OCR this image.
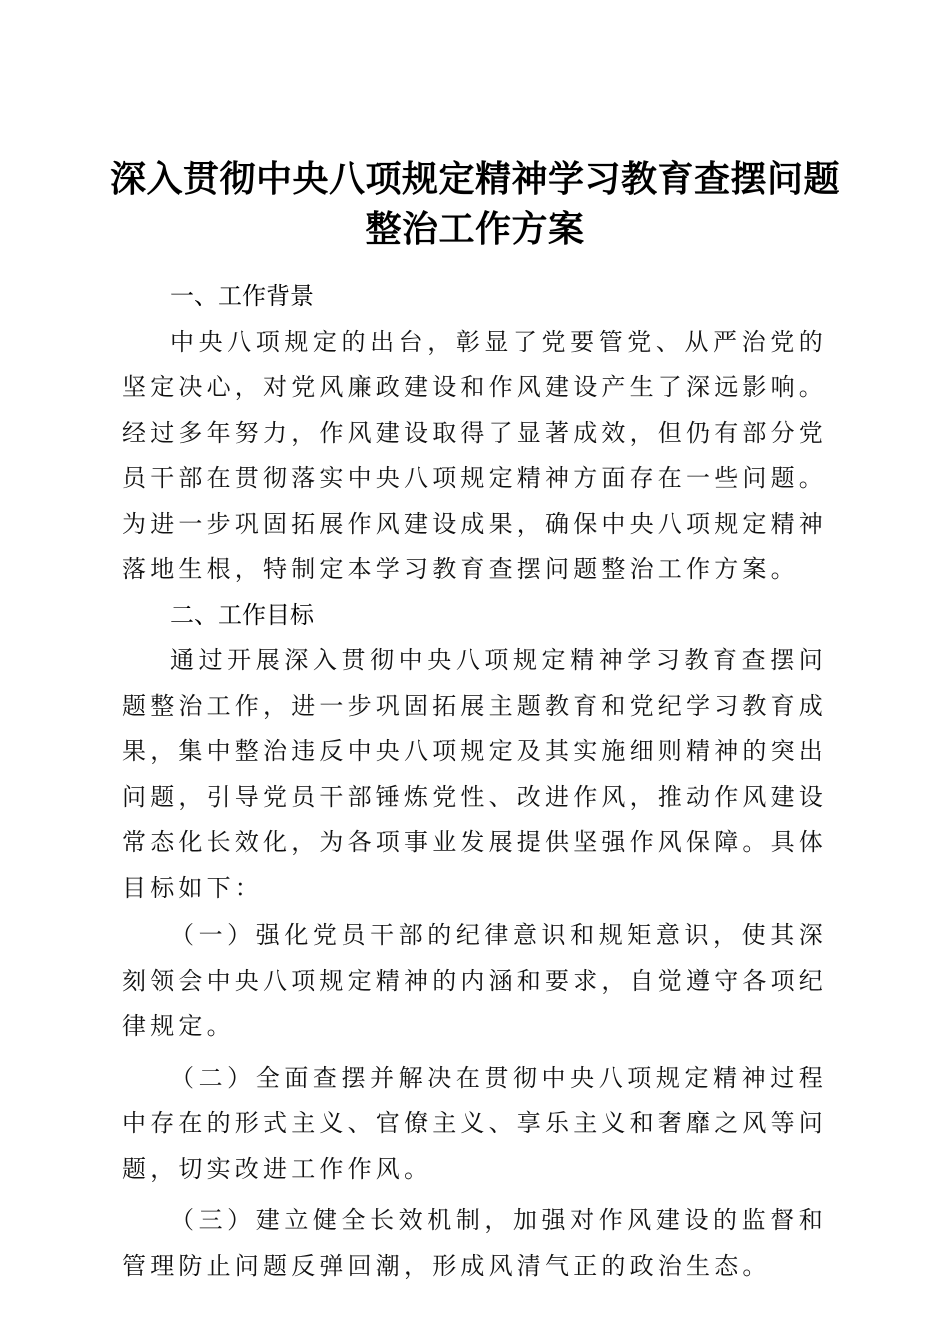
深入贯彻中央八项规定精神学习教育查摆问题
整治工作方案

一、工作背景

中央八项规定的出台，彰显了党要管党、从严治党的坚定决心，对党风廉政建设和作风建设产生了深远影响。经过多年努力，作风建设取得了显著成效，但仍有部分党员干部在贯彻落实中央八项规定精神方面存在一些问题。为进一步巩固拓展作风建设成果，确保中央八项规定精神落地生根，特制定本学习教育查摆问题整治工作方案。

二、工作目标

通过开展深入贯彻中央八项规定精神学习教育查摆问题整治工作，进一步巩固拓展主题教育和党纪学习教育成果，集中整治违反中央八项规定及其实施细则精神的突出问题，引导党员干部锤炼党性、改进作风，推动作风建设常态化长效化，为各项事业发展提供坚强作风保障。具体目标如下：

（一）强化党员干部的纪律意识和规矩意识，使其深刻领会中央八项规定精神的内涵和要求，自觉遵守各项纪律规定。

（二）全面查摆并解决在贯彻中央八项规定精神过程中存在的形式主义、官僚主义、享乐主义和奢靡之风等问题，切实改进工作作风。

（三）建立健全长效机制，加强对作风建设的监督和管理防止问题反弹回潮，形成风清气正的政治生态。
